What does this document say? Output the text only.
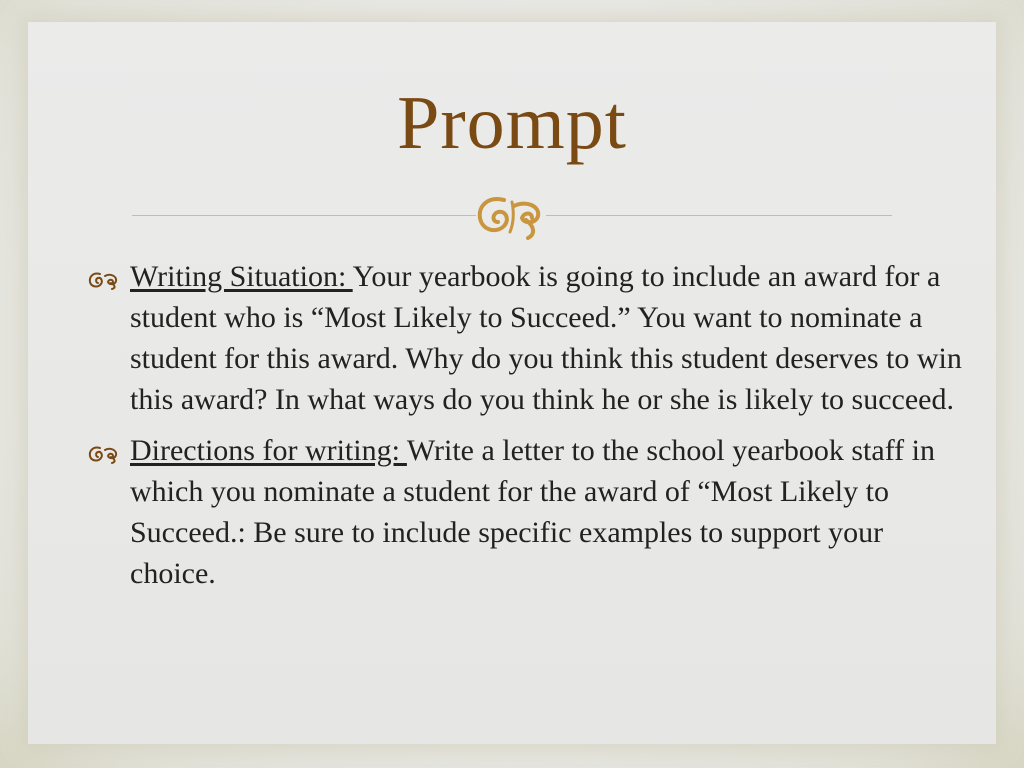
Prompt
Writing Situation: Your yearbook is going to include an award for a student who is “Most Likely to Succeed.” You want to nominate a student for this award. Why do you think this student deserves to win this award? In what ways do you think he or she is likely to succeed.
Directions for writing: Write a letter to the school yearbook staff in which you nominate a student for the award of “Most Likely to Succeed.: Be sure to include specific examples to support your choice.
